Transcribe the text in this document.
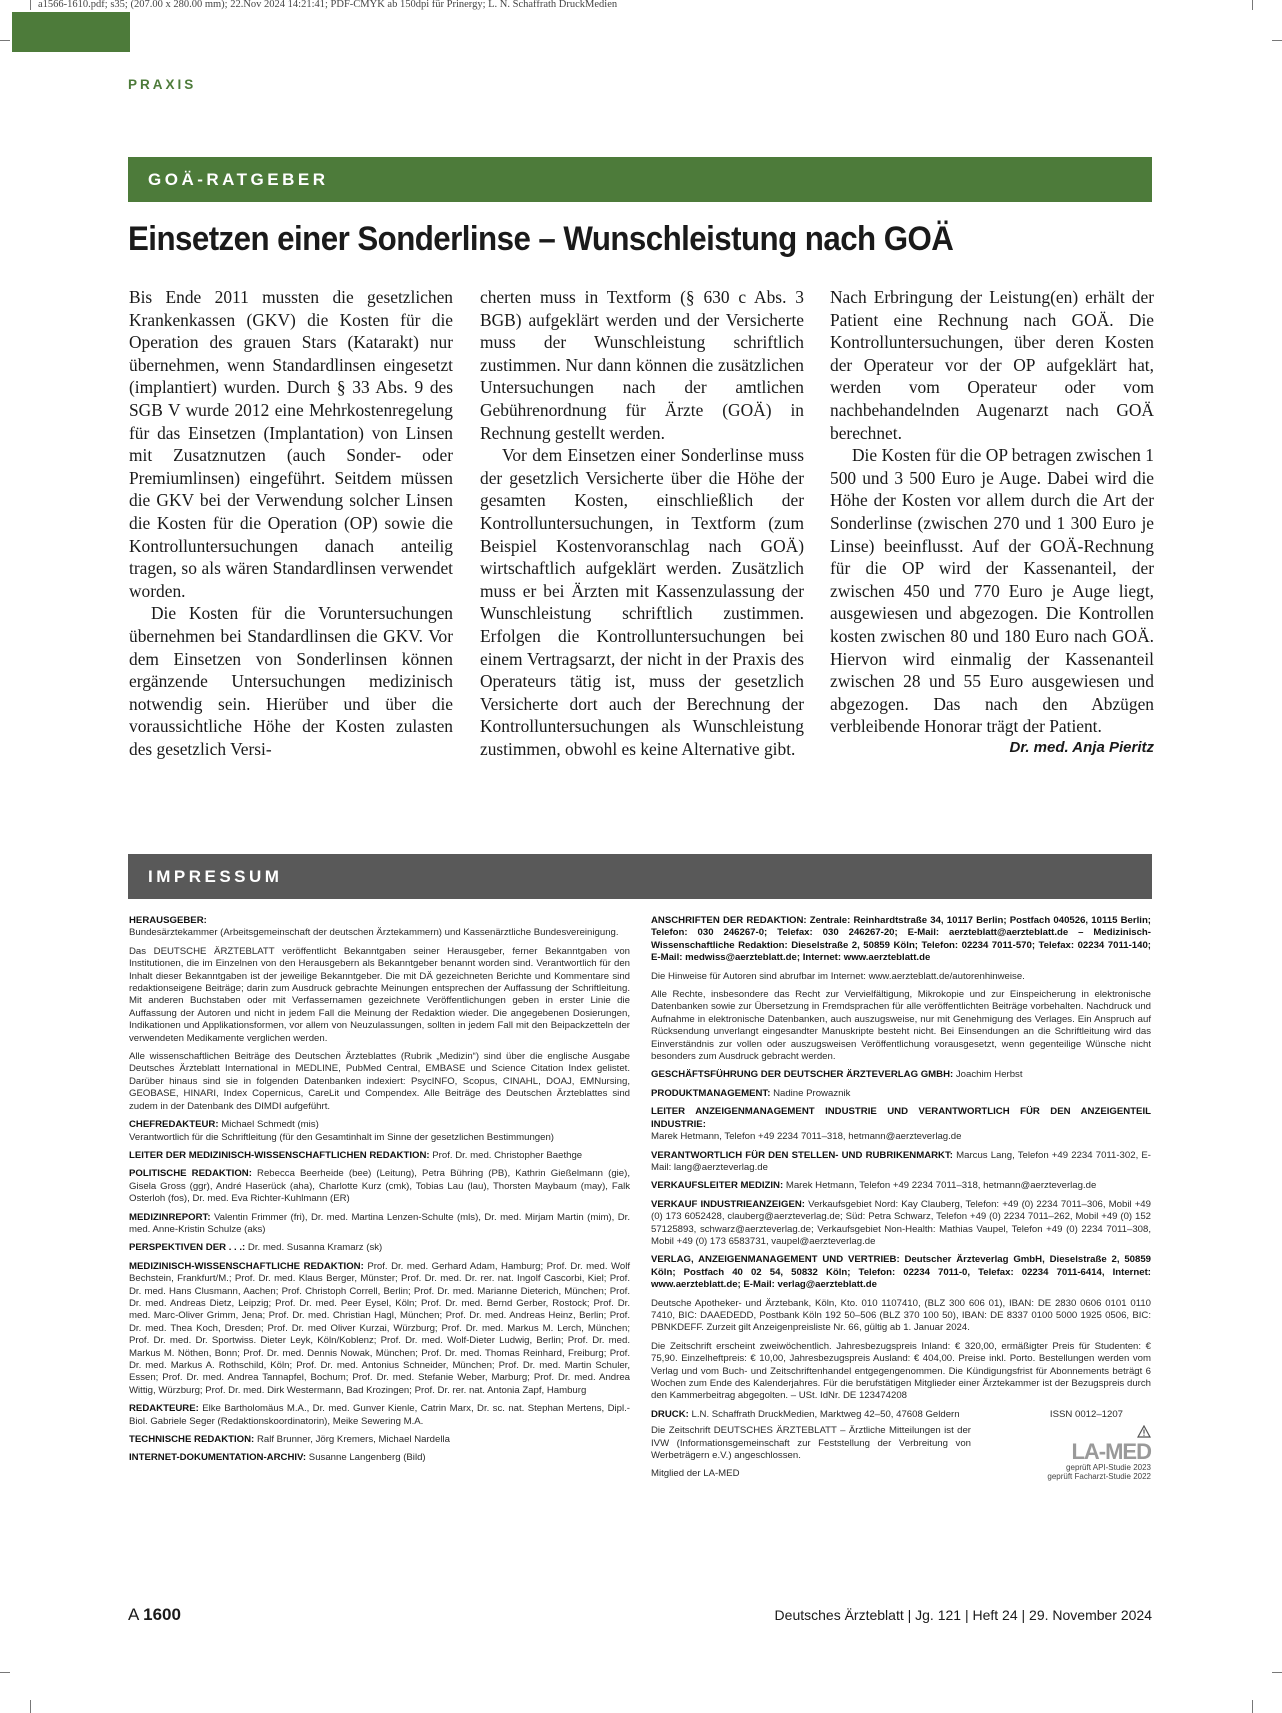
a1566-1610.pdf; s35; (207.00 x 280.00 mm); 22.Nov 2024 14:21:41; PDF-CMYK ab 150dpi für Prinergy; L. N. Schaffrath DruckMedien
PRAXIS
GOÄ-RATGEBER
Einsetzen einer Sonderlinse – Wunschleistung nach GOÄ

Bis Ende 2011 mussten die gesetzlichen Krankenkassen (GKV) die Kosten für die Operation des grauen Stars (Katarakt) nur übernehmen, wenn Standardlinsen eingesetzt (implantiert) wurden. Durch § 33 Abs. 9 des SGB V wurde 2012 eine Mehrkostenregelung für das Einsetzen (Implantation) von Linsen mit Zusatznutzen (auch Sonder- oder Premiumlinsen) eingeführt. Seitdem müssen die GKV bei der Verwendung solcher Linsen die Kosten für die Operation (OP) sowie die Kontrolluntersuchungen danach anteilig tragen, so als wären Standardlinsen verwendet worden.

Die Kosten für die Voruntersuchungen übernehmen bei Standardlinsen die GKV. Vor dem Einsetzen von Sonderlinsen können ergänzende Untersuchungen medizinisch notwendig sein. Hierüber und über die voraussichtliche Höhe der Kosten zulasten des gesetzlich Versi-

cherten muss in Textform (§ 630 c Abs. 3 BGB) aufgeklärt werden und der Versicherte muss der Wunschleistung schriftlich zustimmen. Nur dann können die zusätzlichen Untersuchungen nach der amtlichen Gebührenordnung für Ärzte (GOÄ) in Rechnung gestellt werden.

Vor dem Einsetzen einer Sonderlinse muss der gesetzlich Versicherte über die Höhe der gesamten Kosten, einschließlich der Kontrolluntersuchungen, in Textform (zum Beispiel Kostenvoranschlag nach GOÄ) wirtschaftlich aufgeklärt werden. Zusätzlich muss er bei Ärzten mit Kassenzulassung der Wunschleistung schriftlich zustimmen. Erfolgen die Kontrolluntersuchungen bei einem Vertragsarzt, der nicht in der Praxis des Operateurs tätig ist, muss der gesetzlich Versicherte dort auch der Berechnung der Kontrolluntersuchungen als Wunschleistung zustimmen, obwohl es keine Alternative gibt.

Nach Erbringung der Leistung(en) erhält der Patient eine Rechnung nach GOÄ. Die Kontrolluntersuchungen, über deren Kosten der Operateur vor der OP aufgeklärt hat, werden vom Operateur oder vom nachbehandelnden Augenarzt nach GOÄ berechnet.

Die Kosten für die OP betragen zwischen 1 500 und 3 500 Euro je Auge. Dabei wird die Höhe der Kosten vor allem durch die Art der Sonderlinse (zwischen 270 und 1 300 Euro je Linse) beeinflusst. Auf der GOÄ-Rechnung für die OP wird der Kassenanteil, der zwischen 450 und 770 Euro je Auge liegt, ausgewiesen und abgezogen. Die Kontrollen kosten zwischen 80 und 180 Euro nach GOÄ. Hiervon wird einmalig der Kassenanteil zwischen 28 und 55 Euro ausgewiesen und abgezogen. Das nach den Abzügen verbleibende Honorar trägt der Patient.

Dr. med. Anja Pieritz
IMPRESSUM

HERAUSGEBER:
Bundesärztekammer (Arbeitsgemeinschaft der deutschen Ärztekammern) und Kassenärztliche Bundesvereinigung.

Das DEUTSCHE ÄRZTEBLATT veröffentlicht Bekanntgaben seiner Herausgeber, ferner Bekanntgaben von Institutionen, die im Einzelnen von den Herausgebern als Bekanntgeber benannt worden sind. Verantwortlich für den Inhalt dieser Bekanntgaben ist der jeweilige Bekanntgeber. Die mit DÄ gezeichneten Berichte und Kommentare sind redaktionseigene Beiträge; darin zum Ausdruck gebrachte Meinungen entsprechen der Auffassung der Schriftleitung. Mit anderen Buchstaben oder mit Verfassernamen gezeichnete Veröffentlichungen geben in erster Linie die Auffassung der Autoren und nicht in jedem Fall die Meinung der Redaktion wieder. Die angegebenen Dosierungen, Indikationen und Applikationsformen, vor allem von Neuzulassungen, sollten in jedem Fall mit den Beipackzetteln der verwendeten Medikamente verglichen werden.

Alle wissenschaftlichen Beiträge des Deutschen Ärzteblattes (Rubrik „Medizin“) sind über die englische Ausgabe Deutsches Ärzteblatt International in MEDLINE, PubMed Central, EMBASE und Science Citation Index gelistet. Darüber hinaus sind sie in folgenden Datenbanken indexiert: PsycINFO, Scopus, CINAHL, DOAJ, EMNursing, GEOBASE, HINARI, Index Copernicus, CareLit und Compendex. Alle Beiträge des Deutschen Ärzteblattes sind zudem in der Datenbank des DIMDI aufgeführt.

CHEFREDAKTEUR: Michael Schmedt (mis)
Verantwortlich für die Schriftleitung (für den Gesamtinhalt im Sinne der gesetzlichen Bestimmungen)

LEITER DER MEDIZINISCH-WISSENSCHAFTLICHEN REDAKTION: Prof. Dr. med. Christopher Baethge

POLITISCHE REDAKTION: Rebecca Beerheide (bee) (Leitung), Petra Bühring (PB), Kathrin Gießelmann (gie), Gisela Gross (ggr), André Haserück (aha), Charlotte Kurz (cmk), Tobias Lau (lau), Thorsten Maybaum (may), Falk Osterloh (fos), Dr. med. Eva Richter-Kuhlmann (ER)

MEDIZINREPORT: Valentin Frimmer (fri), Dr. med. Martina Lenzen-Schulte (mls), Dr. med. Mirjam Martin (mim), Dr. med. Anne-Kristin Schulze (aks)

PERSPEKTIVEN DER . . .: Dr. med. Susanna Kramarz (sk)

MEDIZINISCH-WISSENSCHAFTLICHE REDAKTION: Prof. Dr. med. Gerhard Adam, Hamburg; Prof. Dr. med. Wolf Bechstein, Frankfurt/M.; Prof. Dr. med. Klaus Berger, Münster; Prof. Dr. med. Dr. rer. nat. Ingolf Cascorbi, Kiel; Prof. Dr. med. Hans Clusmann, Aachen; Prof. Christoph Correll, Berlin; Prof. Dr. med. Marianne Dieterich, München; Prof. Dr. med. Andreas Dietz, Leipzig; Prof. Dr. med. Peer Eysel, Köln; Prof. Dr. med. Bernd Gerber, Rostock; Prof. Dr. med. Marc-Oliver Grimm, Jena; Prof. Dr. med. Christian Hagl, München; Prof. Dr. med. Andreas Heinz, Berlin; Prof. Dr. med. Thea Koch, Dresden; Prof. Dr. med Oliver Kurzai, Würzburg; Prof. Dr. med. Markus M. Lerch, München; Prof. Dr. med. Dr. Sportwiss. Dieter Leyk, Köln/Koblenz; Prof. Dr. med. Wolf-Dieter Ludwig, Berlin; Prof. Dr. med. Markus M. Nöthen, Bonn; Prof. Dr. med. Dennis Nowak, München; Prof. Dr. med. Thomas Reinhard, Freiburg; Prof. Dr. med. Markus A. Rothschild, Köln; Prof. Dr. med. Antonius Schneider, München; Prof. Dr. med. Martin Schuler, Essen; Prof. Dr. med. Andrea Tannapfel, Bochum; Prof. Dr. med. Stefanie Weber, Marburg; Prof. Dr. med. Andrea Wittig, Würzburg; Prof. Dr. med. Dirk Westermann, Bad Krozingen; Prof. Dr. rer. nat. Antonia Zapf, Hamburg

REDAKTEURE: Elke Bartholomäus M.A., Dr. med. Gunver Kienle, Catrin Marx, Dr. sc. nat. Stephan Mertens, Dipl.-Biol. Gabriele Seger (Redaktionskoordinatorin), Meike Sewering M.A.

TECHNISCHE REDAKTION: Ralf Brunner, Jörg Kremers, Michael Nardella

INTERNET-DOKUMENTATION-ARCHIV: Susanne Langenberg (Bild)

ANSCHRIFTEN DER REDAKTION: Zentrale: Reinhardtstraße 34, 10117 Berlin; Postfach 040526, 10115 Berlin; Telefon: 030 246267-0; Telefax: 030 246267-20; E-Mail: aerzteblatt@aerzteblatt.de – Medizinisch-Wissenschaftliche Redaktion: Dieselstraße 2, 50859 Köln; Telefon: 02234 7011-570; Telefax: 02234 7011-140; E-Mail: medwiss@aerzteblatt.de; Internet: www.aerzteblatt.de

Die Hinweise für Autoren sind abrufbar im Internet: www.aerzteblatt.de/autorenhinweise.

Alle Rechte, insbesondere das Recht zur Vervielfältigung, Mikrokopie und zur Einspeicherung in elektronische Datenbanken sowie zur Übersetzung in Fremdsprachen für alle veröffentlichten Beiträge vorbehalten. Nachdruck und Aufnahme in elektronische Datenbanken, auch auszugsweise, nur mit Genehmigung des Verlages. Ein Anspruch auf Rücksendung unverlangt eingesandter Manuskripte besteht nicht. Bei Einsendungen an die Schriftleitung wird das Einverständnis zur vollen oder auszugsweisen Veröffentlichung vorausgesetzt, wenn gegenteilige Wünsche nicht besonders zum Ausdruck gebracht werden.

GESCHÄFTSFÜHRUNG DER DEUTSCHER ÄRZTEVERLAG GMBH: Joachim Herbst

PRODUKTMANAGEMENT: Nadine Prowaznik

LEITER ANZEIGENMANAGEMENT INDUSTRIE UND VERANTWORTLICH FÜR DEN ANZEIGENTEIL INDUSTRIE:
Marek Hetmann, Telefon +49 2234 7011–318, hetmann@aerzteverlag.de

VERANTWORTLICH FÜR DEN STELLEN- UND RUBRIKENMARKT: Marcus Lang, Telefon +49 2234 7011-302, E-Mail: lang@aerzteverlag.de

VERKAUFSLEITER MEDIZIN: Marek Hetmann, Telefon +49 2234 7011–318, hetmann@aerzteverlag.de

VERKAUF INDUSTRIEANZEIGEN: Verkaufsgebiet Nord: Kay Clauberg, Telefon: +49 (0) 2234 7011–306, Mobil +49 (0) 173 6052428, clauberg@aerzteverlag.de; Süd: Petra Schwarz, Telefon +49 (0) 2234 7011–262, Mobil +49 (0) 152 57125893, schwarz@aerzteverlag.de; Verkaufsgebiet Non-Health: Mathias Vaupel, Telefon +49 (0) 2234 7011–308, Mobil +49 (0) 173 6583731, vaupel@aerzteverlag.de

VERLAG, ANZEIGENMANAGEMENT UND VERTRIEB: Deutscher Ärzteverlag GmbH, Dieselstraße 2, 50859 Köln; Postfach 40 02 54, 50832 Köln; Telefon: 02234 7011-0, Telefax: 02234 7011-6414, Internet: www.aerzteblatt.de; E-Mail: verlag@aerzteblatt.de

Deutsche Apotheker- und Ärztebank, Köln, Kto. 010 1107410, (BLZ 300 606 01), IBAN: DE 2830 0606 0101 0110 7410, BIC: DAAEDEDD, Postbank Köln 192 50–506 (BLZ 370 100 50), IBAN: DE 8337 0100 5000 1925 0506, BIC: PBNKDEFF. Zurzeit gilt Anzeigenpreisliste Nr. 66, gültig ab 1. Januar 2024.

Die Zeitschrift erscheint zweiwöchentlich. Jahresbezugspreis Inland: € 320,00, ermäßigter Preis für Studenten: € 75,90. Einzelheftpreis: € 10,00, Jahresbezugspreis Ausland: € 404,00. Preise inkl. Porto. Bestellungen werden vom Verlag und vom Buch- und Zeitschriftenhandel entgegengenommen. Die Kündigungsfrist für Abonnements beträgt 6 Wochen zum Ende des Kalenderjahres. Für die berufstätigen Mitglieder einer Ärztekammer ist der Bezugspreis durch den Kammerbeitrag abgegolten. – USt. IdNr. DE 123474208

DRUCK: L.N. Schaffrath DruckMedien, Marktweg 42–50, 47608 Geldern	ISSN 0012–1207
Die Zeitschrift DEUTSCHES ÄRZTEBLATT – Ärztliche Mitteilungen ist der IVW (Informationsgemeinschaft zur Feststellung der Verbreitung von Werbeträgern e.V.) angeschlossen.
Mitglied der LA-MED
LA-MED
geprüft API-Studie 2023
geprüft Facharzt-Studie 2022
A 1600	Deutsches Ärzteblatt | Jg. 121 | Heft 24 | 29. November 2024
